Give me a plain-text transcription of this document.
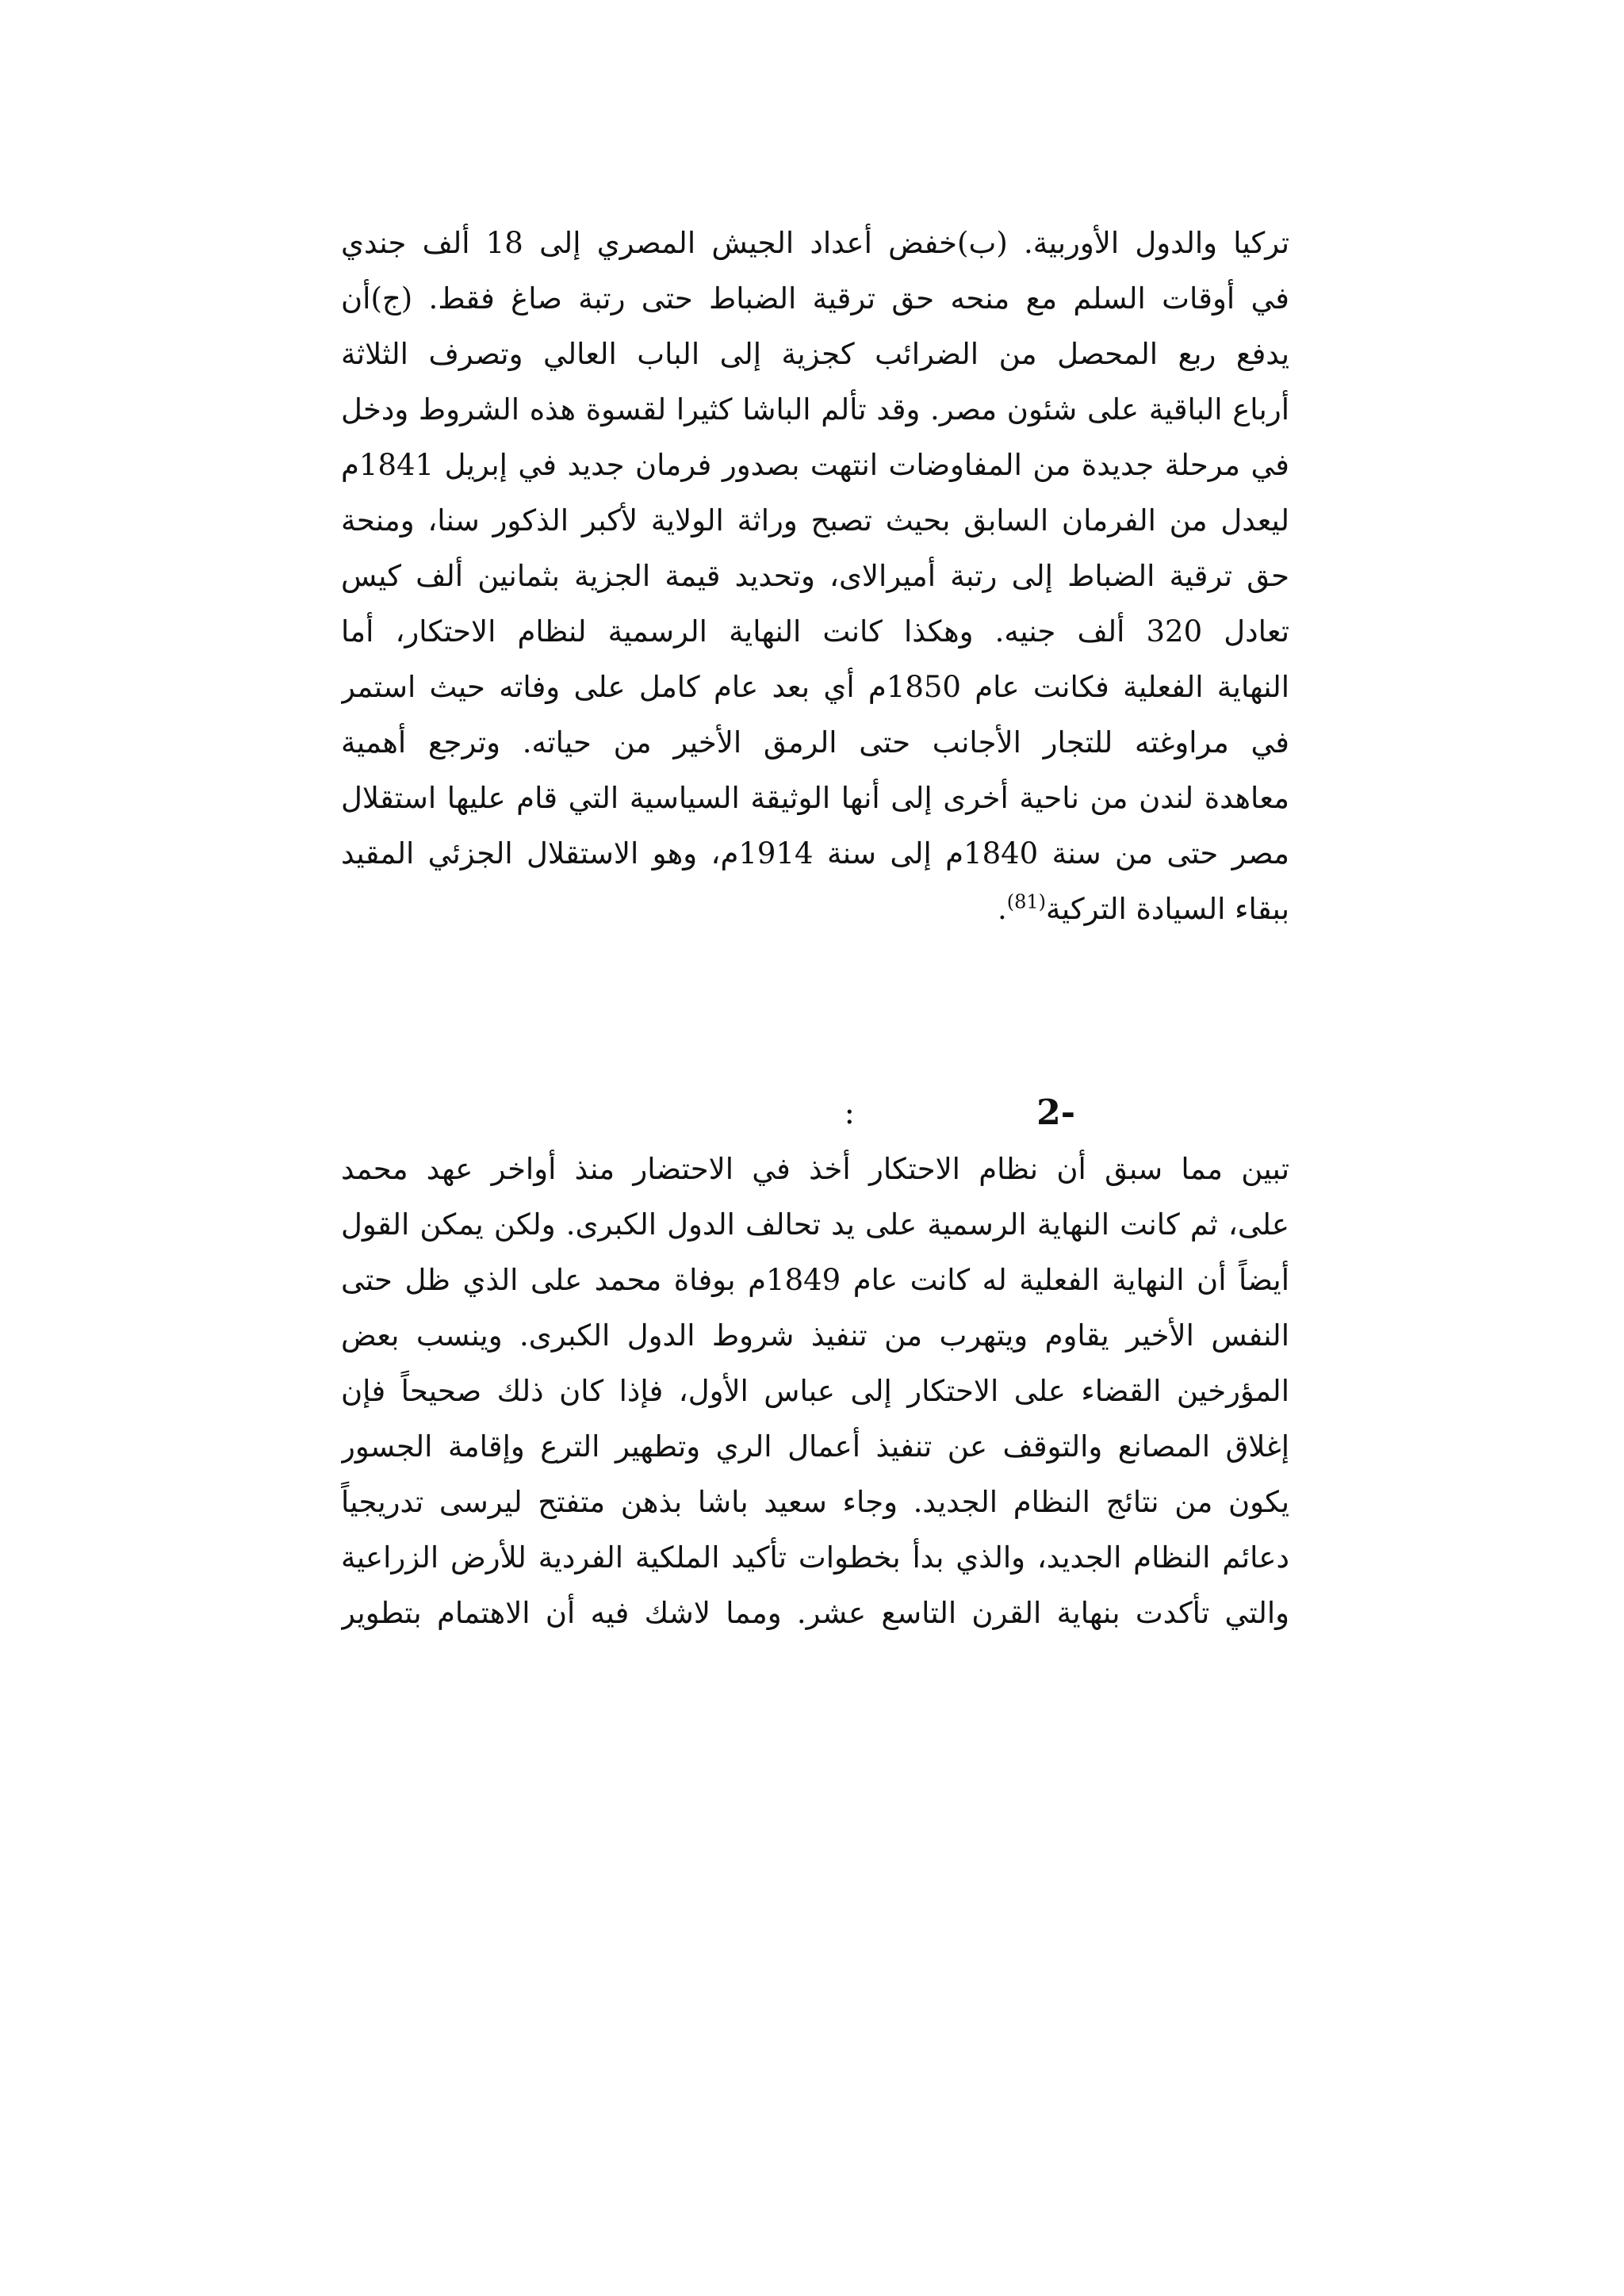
تركيا والدول الأوربية. (ب)خفض أعداد الجيش المصري إلى 18 ألف جندي
في أوقات السلم مع منحه حق ترقية الضباط حتى رتبة صاغ فقط. (ج)أن
يدفع ربع المحصل من الضرائب كجزية إلى الباب العالي وتصرف الثلاثة
أرباع الباقية على شئون مصر. وقد تألم الباشا كثيرا لقسوة هذه الشروط ودخل
في مرحلة جديدة من المفاوضات انتهت بصدور فرمان جديد في إبريل 1841م
ليعدل من الفرمان السابق بحيث تصبح وراثة الولاية لأكبر الذكور سنا، ومنحة
حق ترقية الضباط إلى رتبة أميرالاى، وتحديد قيمة الجزية بثمانين ألف كيس
تعادل 320 ألف جنيه. وهكذا كانت النهاية الرسمية لنظام الاحتكار، أما
النهاية الفعلية فكانت عام 1850م أي بعد عام كامل على وفاته حيث استمر
في مراوغته للتجار الأجانب حتى الرمق الأخير من حياته. وترجع أهمية
معاهدة لندن من ناحية أخرى إلى أنها الوثيقة السياسية التي قام عليها استقلال
مصر حتى من سنة 1840م إلى سنة 1914م، وهو الاستقلال الجزئي المقيد
ببقاء السيادة التركية$^{(81)}$.
2-
:
تبين مما سبق أن نظام الاحتكار أخذ في الاحتضار منذ أواخر عهد محمد
على، ثم كانت النهاية الرسمية على يد تحالف الدول الكبرى. ولكن يمكن القول
أيضاً أن النهاية الفعلية له كانت عام 1849م بوفاة محمد على الذي ظل حتى
النفس الأخير يقاوم ويتهرب من تنفيذ شروط الدول الكبرى. وينسب بعض
المؤرخين القضاء على الاحتكار إلى عباس الأول، فإذا كان ذلك صحيحاً فإن
إغلاق المصانع والتوقف عن تنفيذ أعمال الري وتطهير الترع وإقامة الجسور
يكون من نتائج النظام الجديد. وجاء سعيد باشا بذهن متفتح ليرسى تدريجياً
دعائم النظام الجديد، والذي بدأ بخطوات تأكيد الملكية الفردية للأرض الزراعية
والتي تأكدت بنهاية القرن التاسع عشر. ومما لاشك فيه أن الاهتمام بتطوير
